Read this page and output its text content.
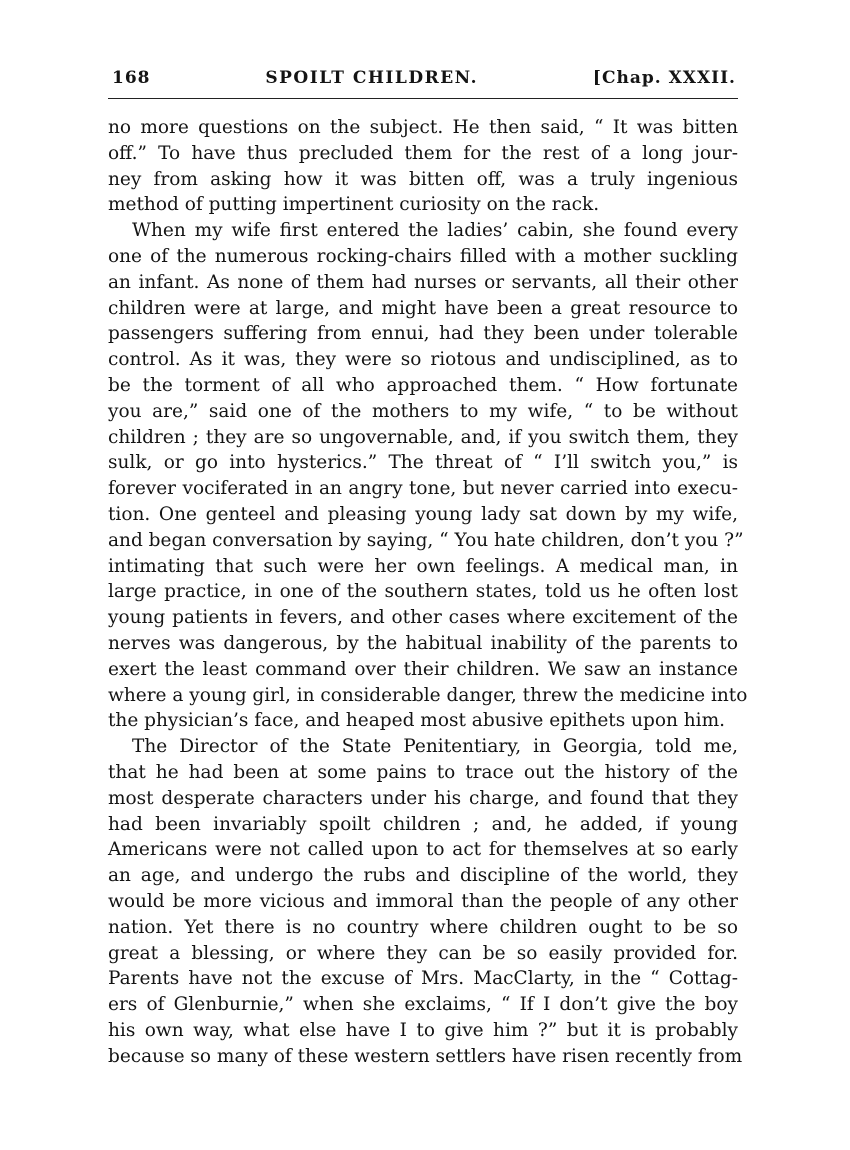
168	SPOILT CHILDREN.	[Chap. XXXII.
no more questions on the subject. He then said, “ It was bitten
off.” To have thus precluded them for the rest of a long jour-
ney from asking how it was bitten off, was a truly ingenious
method of putting impertinent curiosity on the rack.
When my wife first entered the ladies’ cabin, she found every
one of the numerous rocking-chairs filled with a mother suckling
an infant. As none of them had nurses or servants, all their other
children were at large, and might have been a great resource to
passengers suffering from ennui, had they been under tolerable
control. As it was, they were so riotous and undisciplined, as to
be the torment of all who approached them. “ How fortunate
you are,” said one of the mothers to my wife, “ to be without
children ; they are so ungovernable, and, if you switch them, they
sulk, or go into hysterics.” The threat of “ I’ll switch you,” is
forever vociferated in an angry tone, but never carried into execu-
tion. One genteel and pleasing young lady sat down by my wife,
and began conversation by saying, “ You hate children, don’t you ?”
intimating that such were her own feelings. A medical man, in
large practice, in one of the southern states, told us he often lost
young patients in fevers, and other cases where excitement of the
nerves was dangerous, by the habitual inability of the parents to
exert the least command over their children. We saw an instance
where a young girl, in considerable danger, threw the medicine into
the physician’s face, and heaped most abusive epithets upon him.
The Director of the State Penitentiary, in Georgia, told me,
that he had been at some pains to trace out the history of the
most desperate characters under his charge, and found that they
had been invariably spoilt children ; and, he added, if young
Americans were not called upon to act for themselves at so early
an age, and undergo the rubs and discipline of the world, they
would be more vicious and immoral than the people of any other
nation. Yet there is no country where children ought to be so
great a blessing, or where they can be so easily provided for.
Parents have not the excuse of Mrs. MacClarty, in the “ Cottag-
ers of Glenburnie,” when she exclaims, “ If I don’t give the boy
his own way, what else have I to give him ?” but it is probably
because so many of these western settlers have risen recently from
